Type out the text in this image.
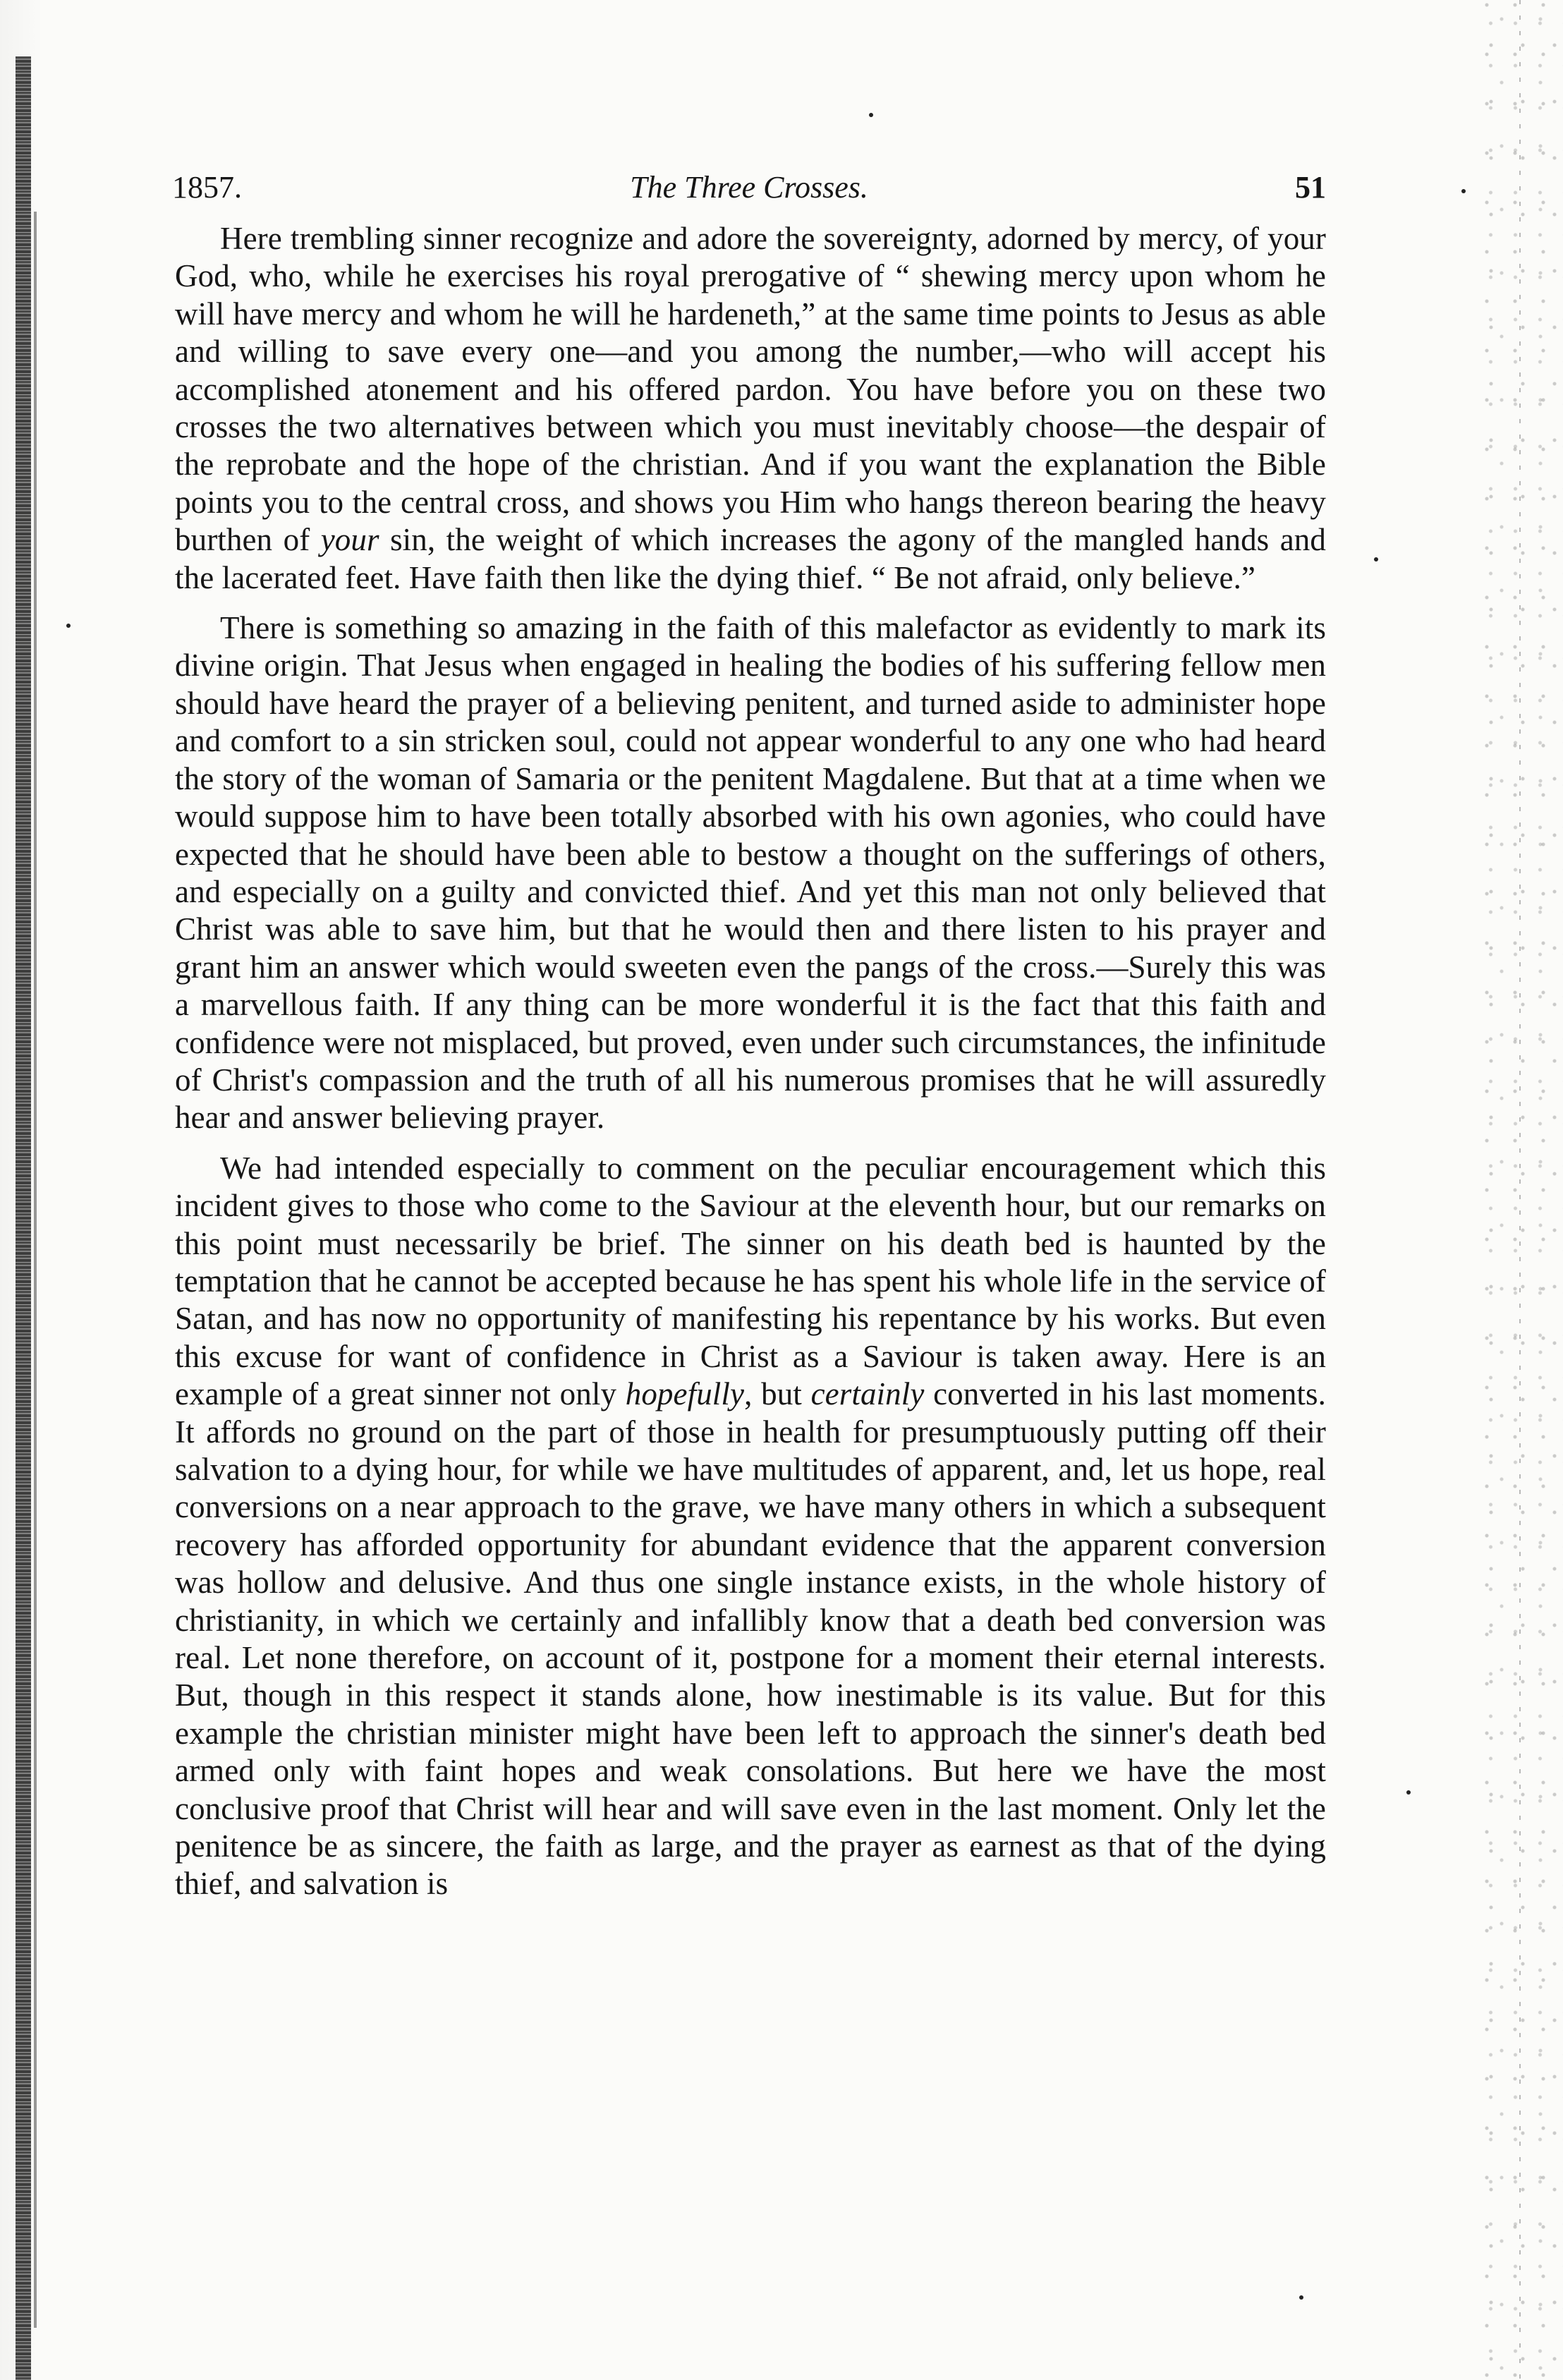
1857.	The Three Crosses.	51

Here trembling sinner recognize and adore the sovereignty, adorned by mercy, of your God, who, while he exercises his royal prerogative of “ shewing mercy upon whom he will have mercy and whom he will he hardeneth,” at the same time points to Jesus as able and willing to save every one—and you among the number,—who will accept his accomplished atonement and his offered pardon. You have before you on these two crosses the two alternatives between which you must inevitably choose—the despair of the reprobate and the hope of the christian. And if you want the explanation the Bible points you to the central cross, and shows you Him who hangs thereon bearing the heavy burthen of your sin, the weight of which increases the agony of the mangled hands and the lacerated feet. Have faith then like the dying thief. “ Be not afraid, only believe.”

There is something so amazing in the faith of this malefactor as evidently to mark its divine origin. That Jesus when engaged in healing the bodies of his suffering fellow men should have heard the prayer of a believing penitent, and turned aside to administer hope and comfort to a sin stricken soul, could not appear wonderful to any one who had heard the story of the woman of Samaria or the penitent Magdalene. But that at a time when we would suppose him to have been totally absorbed with his own agonies, who could have expected that he should have been able to bestow a thought on the sufferings of others, and especially on a guilty and convicted thief. And yet this man not only believed that Christ was able to save him, but that he would then and there listen to his prayer and grant him an answer which would sweeten even the pangs of the cross.—Surely this was a marvellous faith. If any thing can be more wonderful it is the fact that this faith and confidence were not misplaced, but proved, even under such circumstances, the infinitude of Christ's compassion and the truth of all his numerous promises that he will assuredly hear and answer believing prayer.

We had intended especially to comment on the peculiar encouragement which this incident gives to those who come to the Saviour at the eleventh hour, but our remarks on this point must necessarily be brief. The sinner on his death bed is haunted by the temptation that he cannot be accepted because he has spent his whole life in the service of Satan, and has now no opportunity of manifesting his repentance by his works. But even this excuse for want of confidence in Christ as a Saviour is taken away. Here is an example of a great sinner not only hopefully, but certainly converted in his last moments. It affords no ground on the part of those in health for presumptuously putting off their salvation to a dying hour, for while we have multitudes of apparent, and, let us hope, real conversions on a near approach to the grave, we have many others in which a subsequent recovery has afforded opportunity for abundant evidence that the apparent conversion was hollow and delusive. And thus one single instance exists, in the whole history of christianity, in which we certainly and infallibly know that a death bed conversion was real. Let none therefore, on account of it, postpone for a moment their eternal interests. But, though in this respect it stands alone, how inestimable is its value. But for this example the christian minister might have been left to approach the sinner's death bed armed only with faint hopes and weak consolations. But here we have the most conclusive proof that Christ will hear and will save even in the last moment. Only let the penitence be as sincere, the faith as large, and the prayer as earnest as that of the dying thief, and salvation is
